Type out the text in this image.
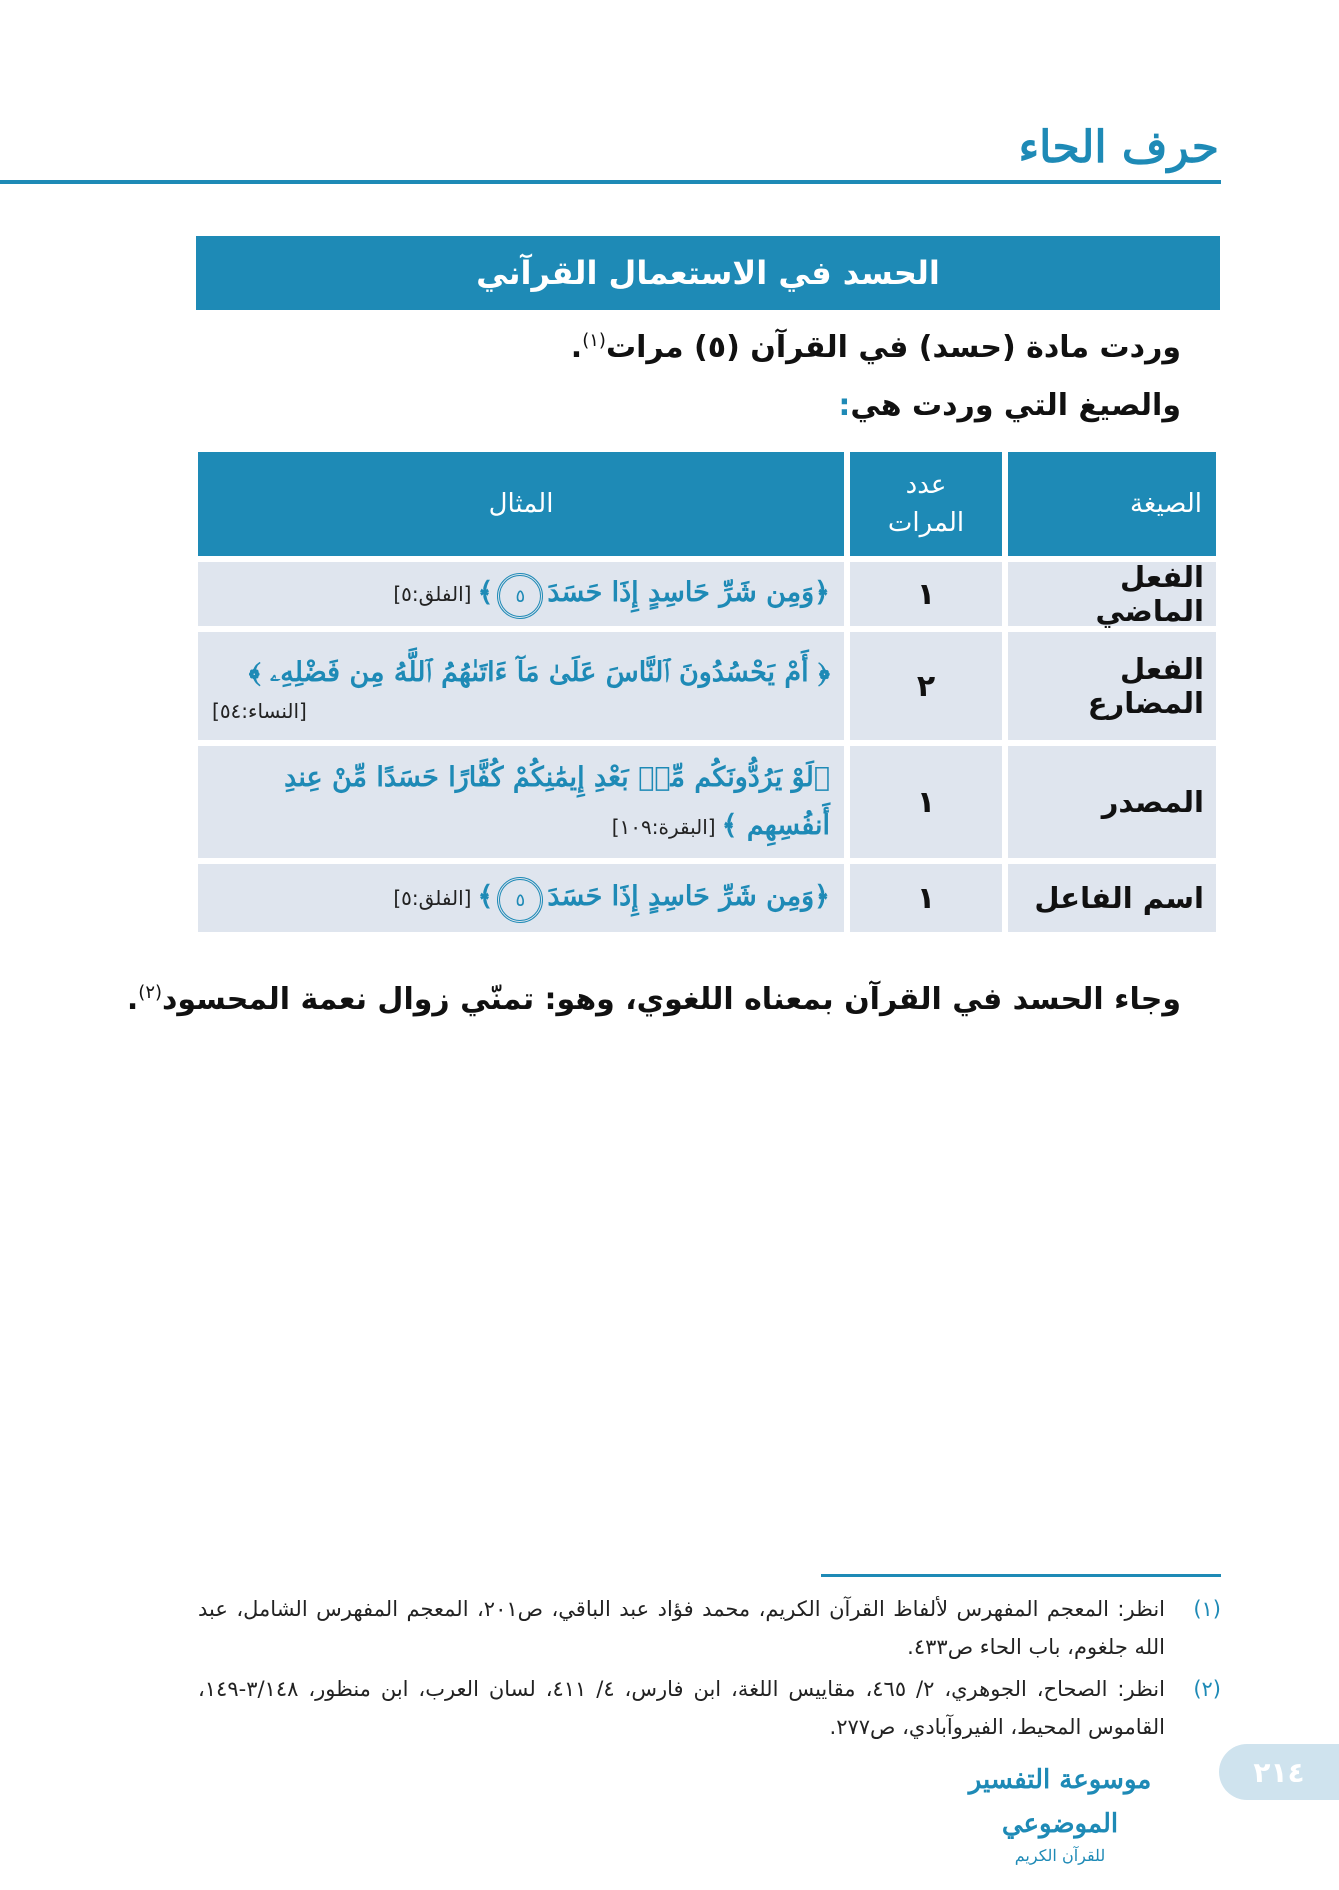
حرف الحاء
الحسد في الاستعمال القرآني
وردت مادة (حسد) في القرآن (٥) مرات$^{(١)}$.
والصيغ التي وردت هي:
الصيغة
عدد
المرات
المثال
الفعل الماضي
١
﴿وَمِن شَرِّ حَاسِدٍ إِذَا حَسَدَ٥﴾[الفلق:٥]
الفعل المضارع
٢
﴿ أَمْ يَحْسُدُونَ ٱلنَّاسَ عَلَىٰ مَآ ءَاتَىٰهُمُ ٱللَّهُ مِن فَضْلِهِۦ ﴾
[النساء:٥٤]
المصدر
١
﴿لَوْ يَرُدُّونَكُم مِّنۢ بَعْدِ إِيمَٰنِكُمْ كُفَّارًا حَسَدًا مِّنْ عِندِ
أَنفُسِهِم ﴾[البقرة:١٠٩]
اسم الفاعل
١
﴿وَمِن شَرِّ حَاسِدٍ إِذَا حَسَدَ٥﴾[الفلق:٥]
وجاء الحسد في القرآن بمعناه اللغوي، وهو: تمنّي زوال نعمة المحسود$^{(٢)}$.
(١)
انظر: المعجم المفهرس لألفاظ القرآن الكريم، محمد فؤاد عبد الباقي، ص٢٠١، المعجم المفهرس الشامل، عبد الله جلغوم، باب الحاء ص٤٣٣.
(٢)
انظر: الصحاح، الجوهري، ٢/ ٤٦٥، مقاييس اللغة، ابن فارس، ٤/ ٤١١، لسان العرب، ابن منظور، ٣/١٤٨-١٤٩، القاموس المحيط، الفيروآبادي، ص٢٧٧.
٢١٤
موسوعة التفسير الموضوعي
للقرآن الكريم
